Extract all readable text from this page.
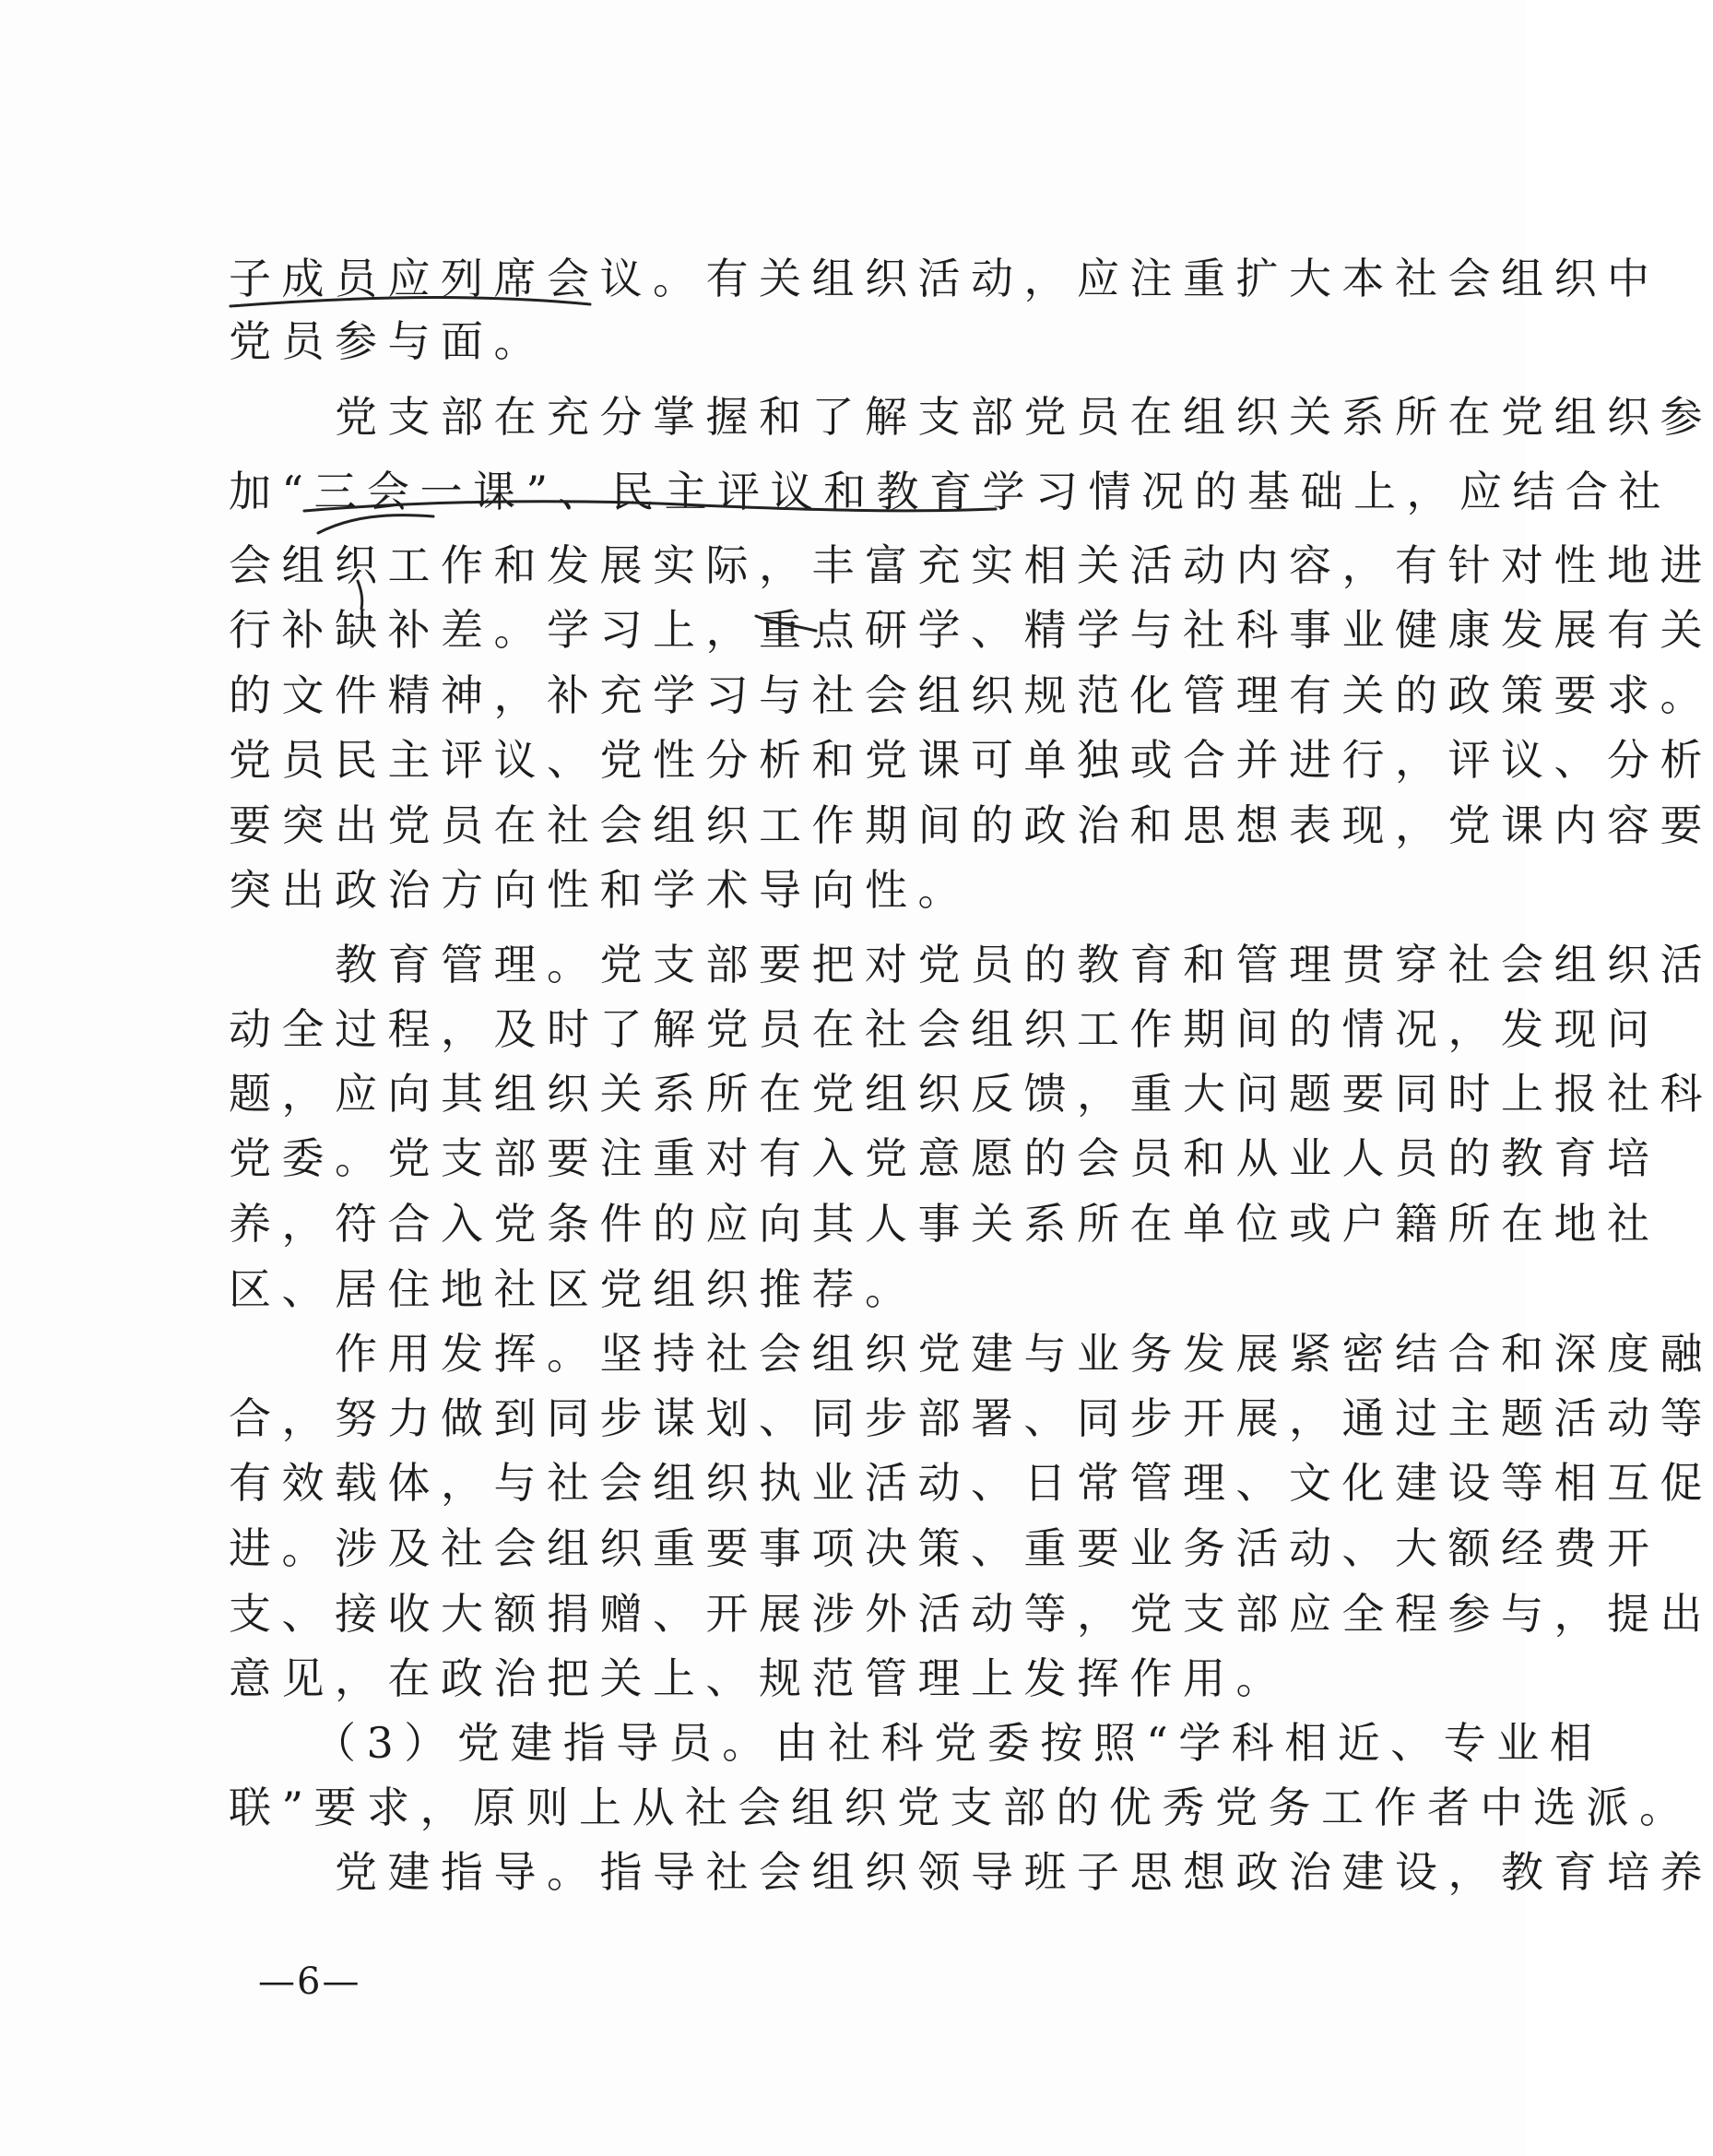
子成员应列席会议。有关组织活动，应注重扩大本社会组织中
党员参与面。
　　党支部在充分掌握和了解支部党员在组织关系所在党组织参
加“三会一课”、民主评议和教育学习情况的基础上，应结合社
会组织工作和发展实际，丰富充实相关活动内容，有针对性地进
行补缺补差。学习上，重点研学、精学与社科事业健康发展有关
的文件精神，补充学习与社会组织规范化管理有关的政策要求。
党员民主评议、党性分析和党课可单独或合并进行，评议、分析
要突出党员在社会组织工作期间的政治和思想表现，党课内容要
突出政治方向性和学术导向性。
　　教育管理。党支部要把对党员的教育和管理贯穿社会组织活
动全过程，及时了解党员在社会组织工作期间的情况，发现问
题，应向其组织关系所在党组织反馈，重大问题要同时上报社科
党委。党支部要注重对有入党意愿的会员和从业人员的教育培
养，符合入党条件的应向其人事关系所在单位或户籍所在地社
区、居住地社区党组织推荐。
　　作用发挥。坚持社会组织党建与业务发展紧密结合和深度融
合，努力做到同步谋划、同步部署、同步开展，通过主题活动等
有效载体，与社会组织执业活动、日常管理、文化建设等相互促
进。涉及社会组织重要事项决策、重要业务活动、大额经费开
支、接收大额捐赠、开展涉外活动等，党支部应全程参与，提出
意见，在政治把关上、规范管理上发挥作用。
　　（3）党建指导员。由社科党委按照“学科相近、专业相
联”要求，原则上从社会组织党支部的优秀党务工作者中选派。
　　党建指导。指导社会组织领导班子思想政治建设，教育培养
—6—
